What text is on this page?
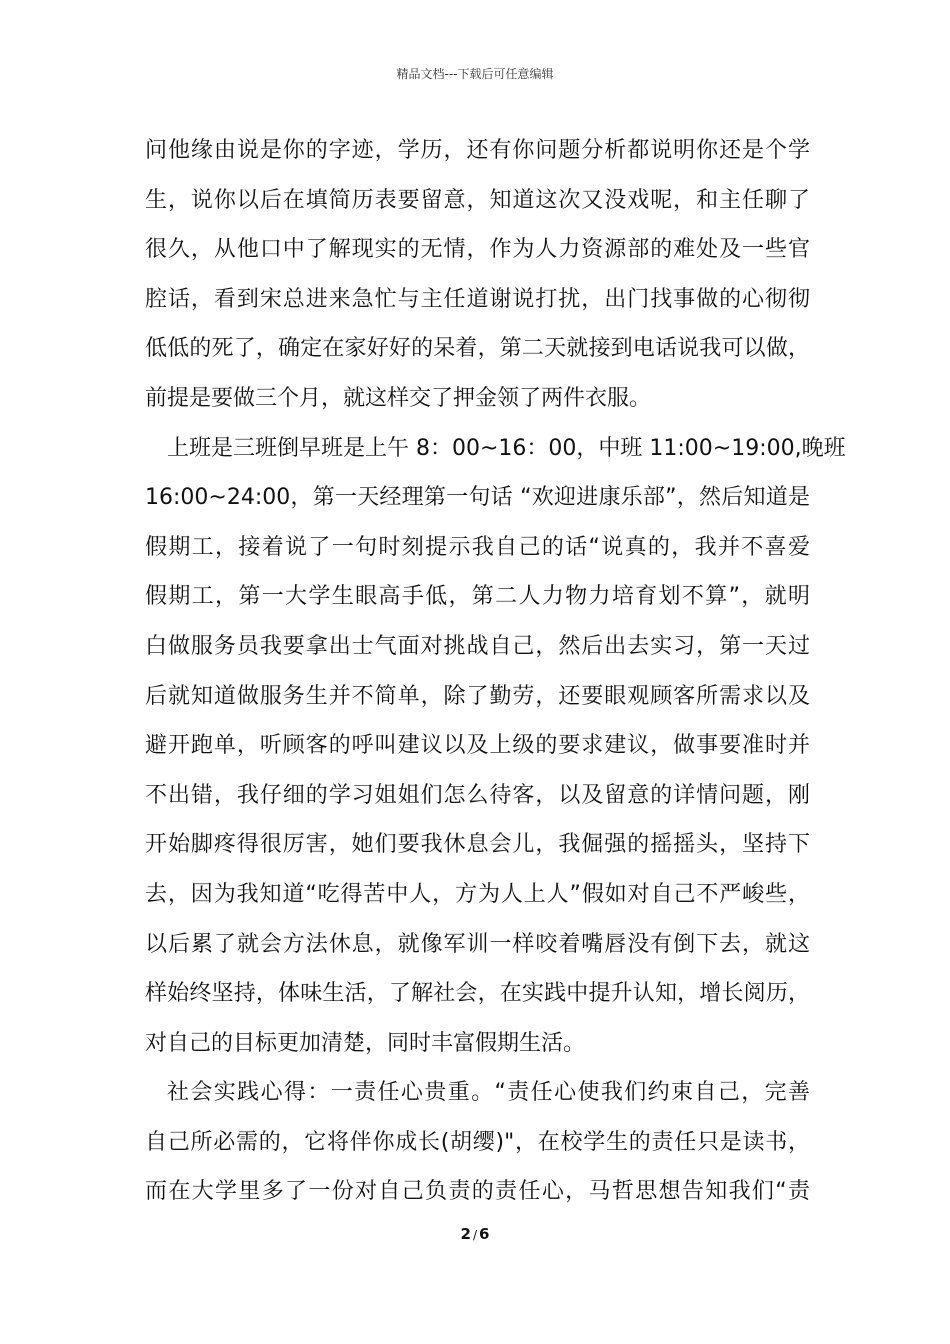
精品文档---下载后可任意编辑
问他缘由说是你的字迹，学历，还有你问题分析都说明你还是个学
生，说你以后在填简历表要留意，知道这次又没戏呢，和主任聊了
很久，从他口中了解现实的无情，作为人力资源部的难处及一些官
腔话，看到宋总进来急忙与主任道谢说打扰，出门找事做的心彻彻
低低的死了，确定在家好好的呆着，第二天就接到电话说我可以做，
前提是要做三个月，就这样交了押金领了两件衣服。
上班是三班倒早班是上午 8：00~16：00，中班 11:00~19:00,晚班
16:00~24:00，第一天经理第一句话 “欢迎进康乐部”，然后知道是
假期工，接着说了一句时刻提示我自己的话“说真的，我并不喜爱
假期工，第一大学生眼高手低，第二人力物力培育划不算”，就明
白做服务员我要拿出士气面对挑战自己，然后出去实习，第一天过
后就知道做服务生并不简单，除了勤劳，还要眼观顾客所需求以及
避开跑单，听顾客的呼叫建议以及上级的要求建议，做事要准时并
不出错，我仔细的学习姐姐们怎么待客，以及留意的详情问题，刚
开始脚疼得很厉害，她们要我休息会儿，我倔强的摇摇头，坚持下
去，因为我知道“吃得苦中人，方为人上人”假如对自己不严峻些，
以后累了就会方法休息，就像军训一样咬着嘴唇没有倒下去，就这
样始终坚持，体味生活，了解社会，在实践中提升认知，增长阅历，
对自己的目标更加清楚，同时丰富假期生活。
社会实践心得：一责任心贵重。“责任心使我们约束自己，完善
自己所必需的，它将伴你成长(胡缨)"，在校学生的责任只是读书，
而在大学里多了一份对自己负责的责任心，马哲思想告知我们“责
2 / 6
